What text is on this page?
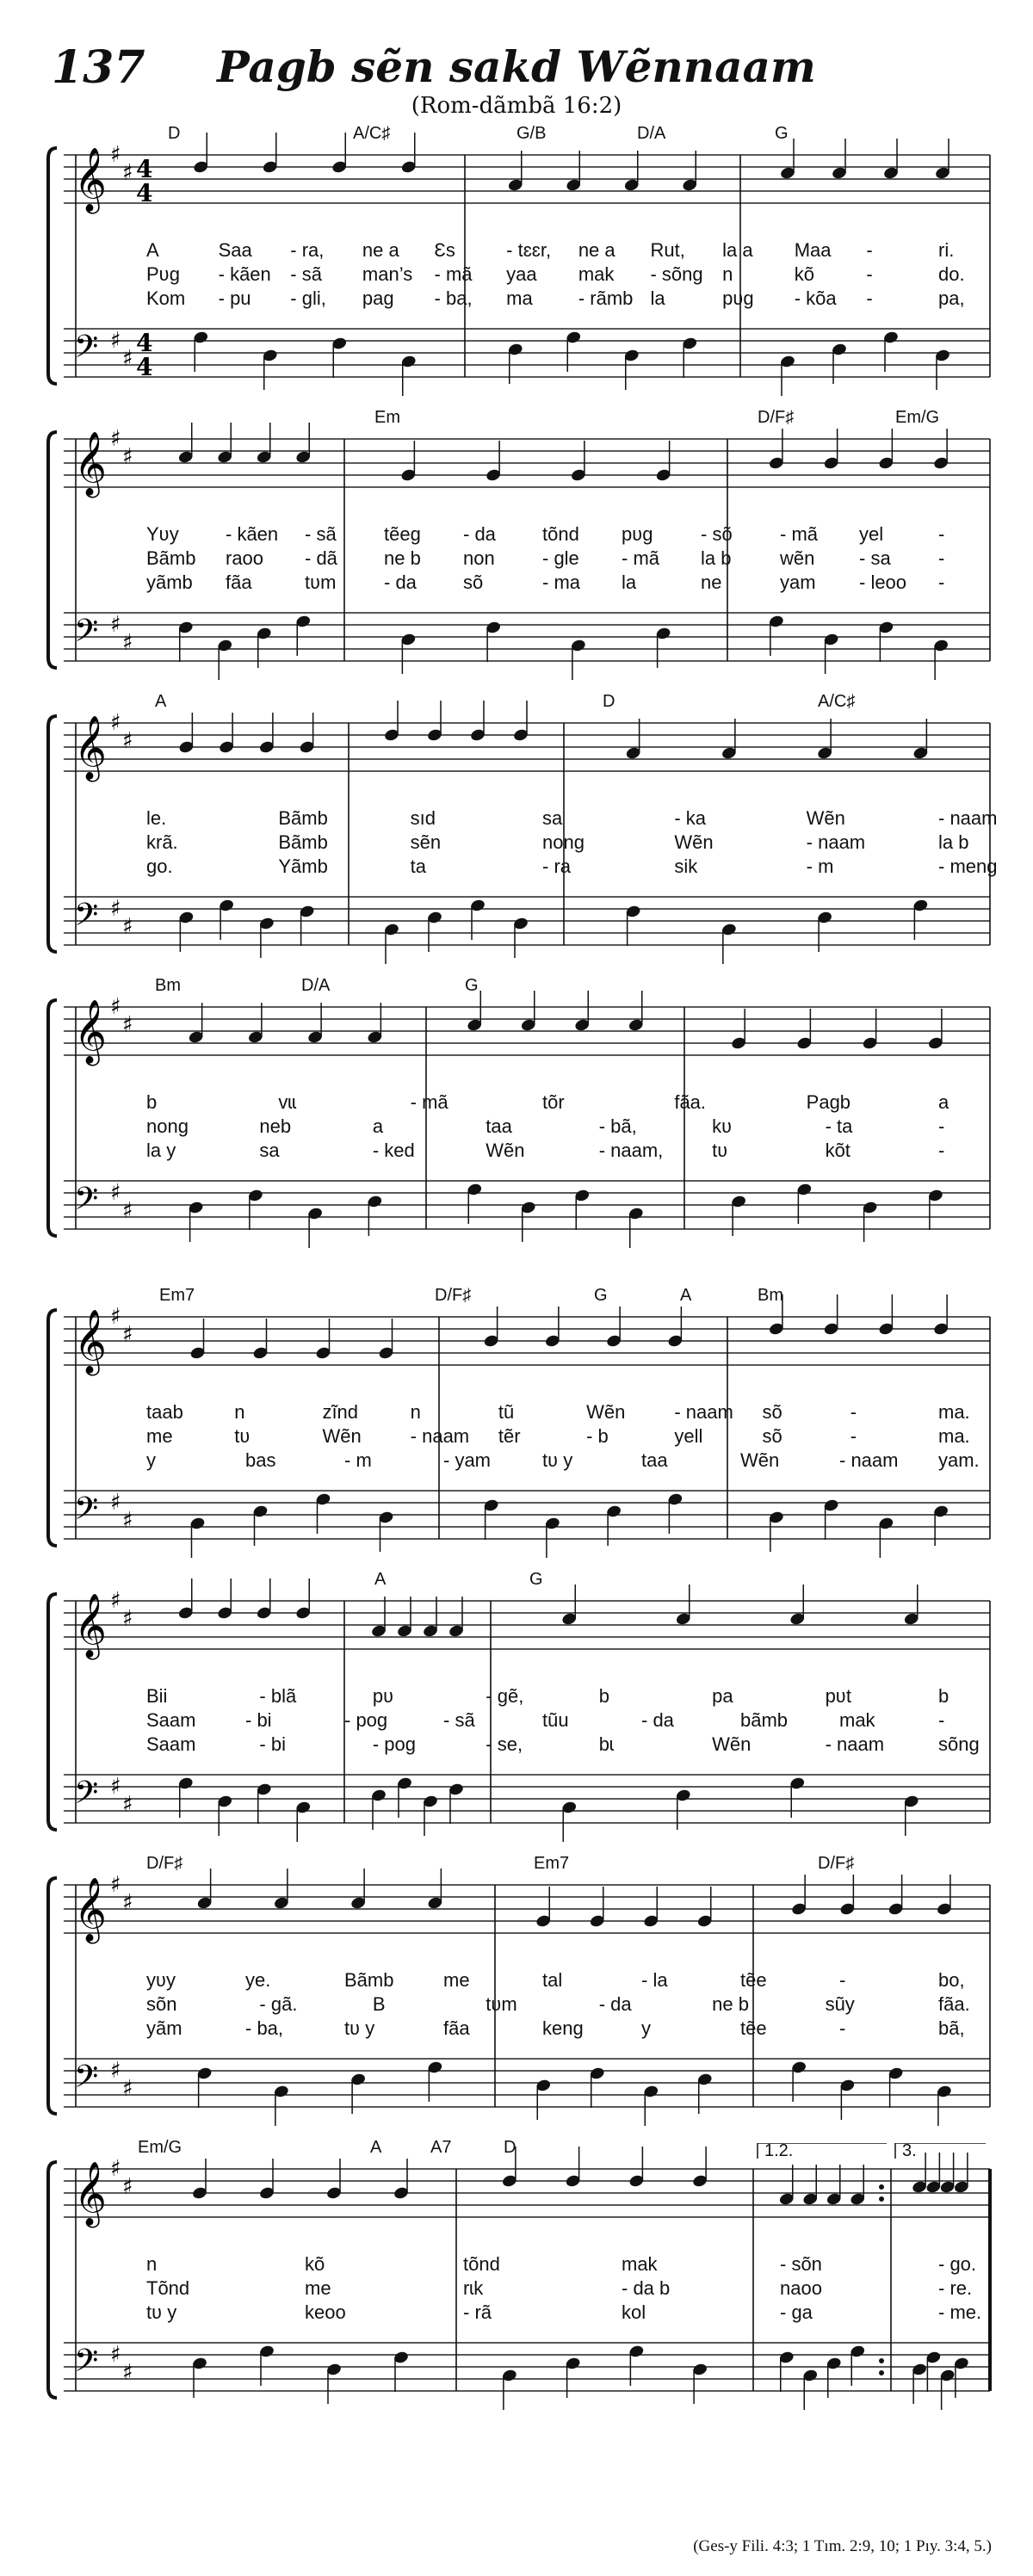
137	Pagb sẽn sakd Wẽnnaam
(Rom-dãmbã 16:2)
𝄞
𝄢
♯
♯
♯
♯
4
4
4
4
D	A/C♯	G/B	D/A	G
A	Saa - ra, ne a Ɛs	- tɛɛr, ne a Rut, la a Maa -	ri.
Pʋg - kãen - sã man’s - mã yaa mak - sõng n	kõ	-	do.
Kom - pu - gli, pag - ba, ma - rãmb la	pʋg - kõa -	pa,
𝄞
𝄢
♯
♯
♯
♯
Em	D/F♯	Em/G
Yʋy - kãen - sã	tẽeg - da tõnd pʋg	- sõ	- mã yel	-
Bãmb raoo - dã ne b non	- gle - mã la b	wẽn - sa	-
yãmb fãa	tʋm	- da sõ	- ma la	ne	yam - leoo -
𝄞
𝄢
♯
♯
♯
♯
A	D	A/C♯
le.	Bãmb	sıd	sa	- ka	Wẽn	- naam
krã.	Bãmb	sẽn	nong	Wẽn	- naam	la b
go.	Yãmb	ta	- ra	sik	- m	- meng
𝄞
𝄢
♯
♯
♯
♯
Bm	D/A	G
b	vɩɩ	- mã	tõr	fãa.	Pagb	a
nong	neb	a	taa	- bã,	kʋ	- ta	-
la y	sa	- ked	Wẽn	- naam,	tʋ	kõt	-
𝄞
𝄢
♯
♯
♯
♯
Em7	D/F♯	G	A	Bm
taab	n	zĩnd	n	tũ	Wẽn	- naam sõ	-	ma.
me	tʋ	Wẽn	- naam tẽr	- b	yell	sõ	-	ma.
y	bas	- m	- yam	tʋ y	taa	Wẽn	- naam yam.
𝄞
𝄢
♯
♯
♯
♯
A	G
Bii	- blã	pʋ	- gẽ,	b	pa	pʋt	b
Saam	- bi	- pog	- sã	tũu	- da	bãmb	mak	-
Saam	- bi	- pog	- se,	bɩ	Wẽn	- naam	sõng
𝄞
𝄢
♯
♯
♯
♯
D/F♯	Em7	D/F♯
yʋy	ye.	Bãmb	me	tal	- la	tẽe	-	bo,
sõn	- gã.	B	tʋm	- da	ne b	sũy	fãa.
yãm	- ba,	tʋ y	fãa	keng	y	tẽe	-	bã,
𝄞
𝄢
♯
♯
♯
♯
1.2.	3.
Em/G	A	A7	D
n	kõ	tõnd	mak	- sõn	- go.
Tõnd	me	rɩk	- da b	naoo	- re.
tʋ y	keoo	- rã	kol	- ga	- me.
(Ges-y Fili. 4:3; 1 Tım. 2:9, 10; 1 Pıy. 3:4, 5.)
